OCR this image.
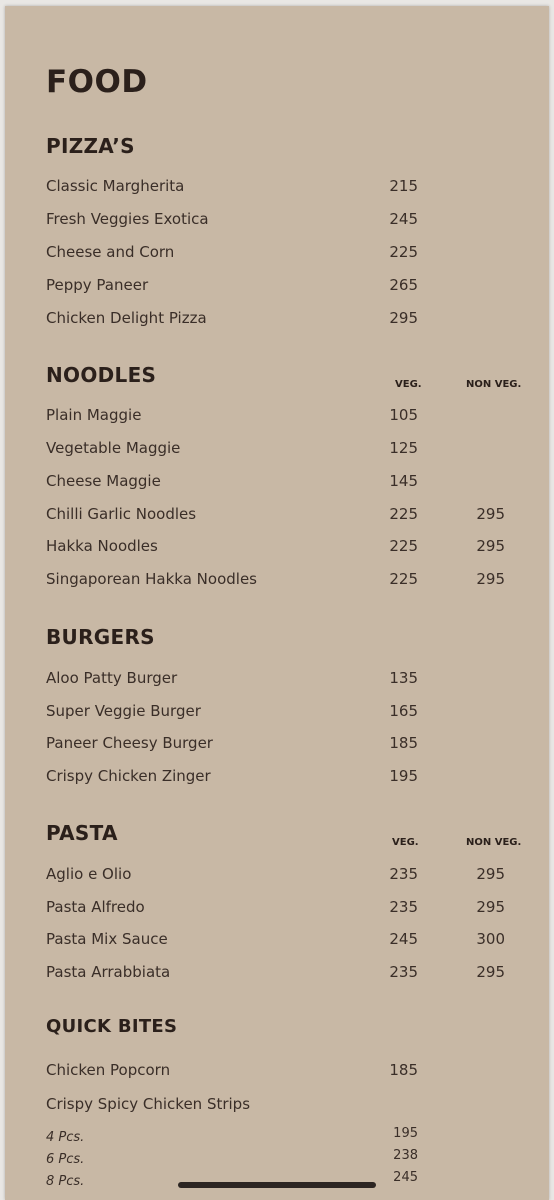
FOOD
PIZZA’S
Classic Margherita	215
Fresh Veggies Exotica	245
Cheese and Corn	225
Peppy Paneer	265
Chicken Delight Pizza	295
NOODLES	VEG.	NON VEG.
Plain Maggie	105
Vegetable Maggie	125
Cheese Maggie	145
Chilli Garlic Noodles	225	295
Hakka Noodles	225	295
Singaporean Hakka Noodles	225	295
BURGERS
Aloo Patty Burger	135
Super Veggie Burger	165
Paneer Cheesy Burger	185
Crispy Chicken Zinger	195
PASTA	VEG.	NON VEG.
Aglio e Olio	235	295
Pasta Alfredo	235	295
Pasta Mix Sauce	245	300
Pasta Arrabbiata	235	295
QUICK BITES
Chicken Popcorn	185
Crispy Spicy Chicken Strips
4 Pcs.	195
6 Pcs.	238
8 Pcs.	245
